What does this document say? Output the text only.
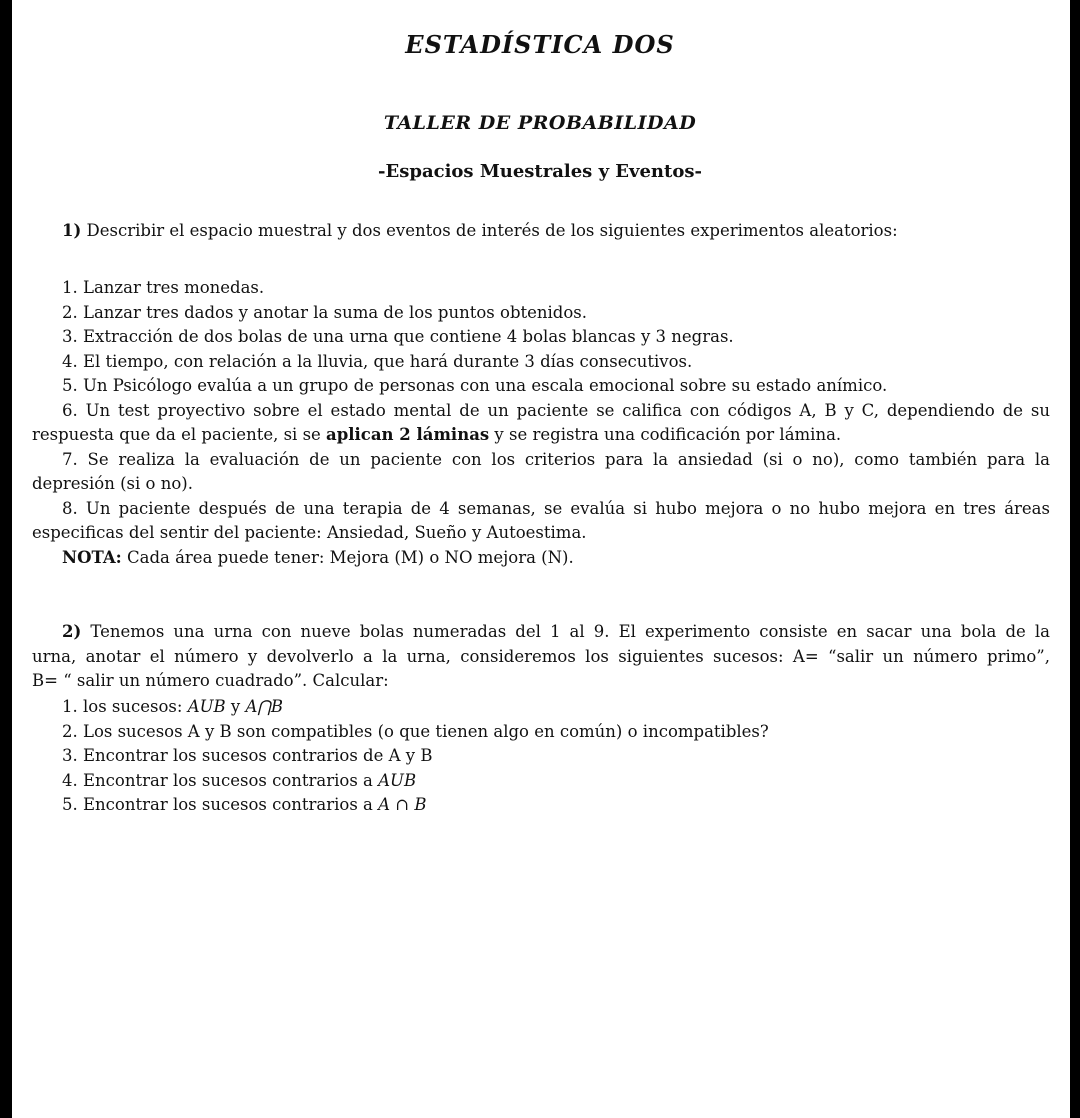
ESTADÍSTICA DOS
TALLER DE PROBABILIDAD
-Espacios Muestrales y Eventos-
1) Describir el espacio muestral y dos eventos de interés de los siguientes experimentos aleatorios:
1. Lanzar tres monedas.
2. Lanzar tres dados y anotar la suma de los puntos obtenidos.
3. Extracción de dos bolas de una urna que contiene 4 bolas blancas y 3 negras.
4. El tiempo, con relación a la lluvia, que hará durante 3 días consecutivos.
5. Un Psicólogo evalúa a un grupo de personas con una escala emocional sobre su estado anímico.
6. Un test proyectivo sobre el estado mental de un paciente se califica con códigos A, B y C, dependiendo de su
respuesta que da el paciente, si se aplican 2 láminas y se registra una codificación por lámina.
7. Se realiza la evaluación de un paciente con los criterios para la ansiedad (si o no), como también para la
depresión (si o no).
8. Un paciente después de una terapia de 4 semanas, se evalúa si hubo mejora o no hubo mejora en tres áreas
especificas del sentir del paciente: Ansiedad, Sueño y Autoestima.
NOTA: Cada área puede tener: Mejora (M) o NO mejora (N).
2) Tenemos una urna con nueve bolas numeradas del 1 al 9. El experimento consiste en sacar una bola de la
urna, anotar el número y devolverlo a la urna, consideremos los siguientes sucesos: A= “salir un número primo”,
B= “ salir un número cuadrado”. Calcular:
1. los sucesos: AUB y A⋂B
2. Los sucesos A y B son compatibles (o que tienen algo en común) o incompatibles?
3. Encontrar los sucesos contrarios de A y B
4. Encontrar los sucesos contrarios a AUB
5. Encontrar los sucesos contrarios a A ∩ B
